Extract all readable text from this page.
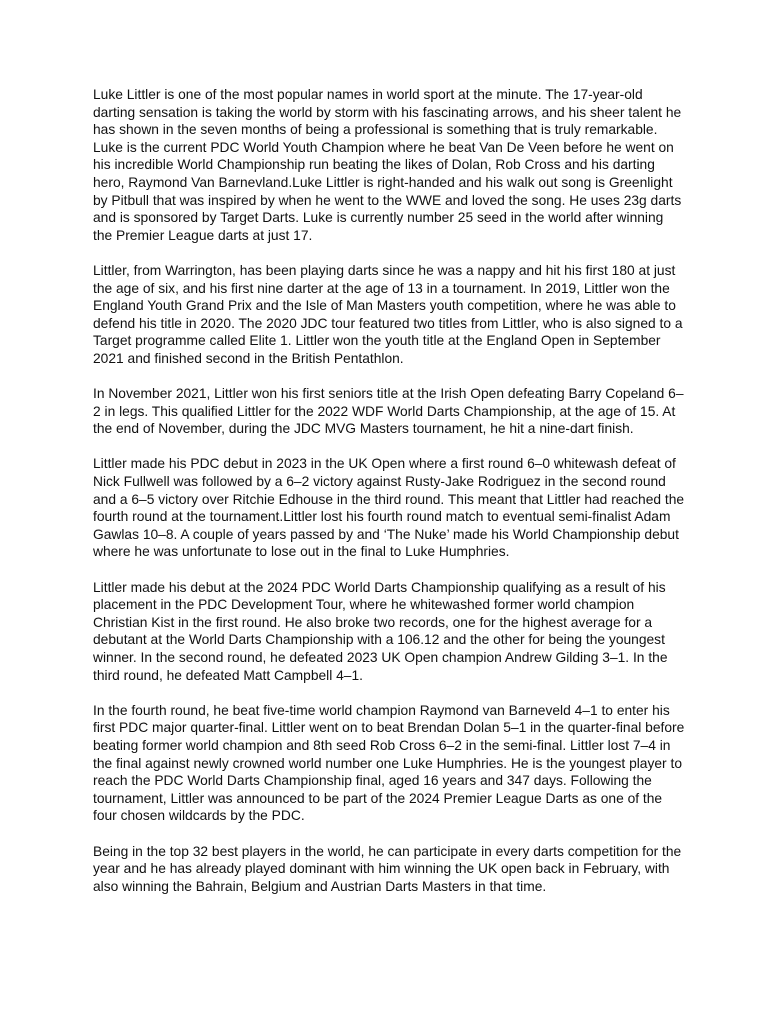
Luke Littler is one of the most popular names in world sport at the minute. The 17-year-old darting sensation is taking the world by storm with his fascinating arrows, and his sheer talent he has shown in the seven months of being a professional is something that is truly remarkable. Luke is the current PDC World Youth Champion where he beat Van De Veen before he went on his incredible World Championship run beating the likes of Dolan, Rob Cross and his darting hero, Raymond Van Barnevland.Luke Littler is right-handed and his walk out song is Greenlight by Pitbull that was inspired by when he went to the WWE and loved the song. He uses 23g darts and is sponsored by Target Darts. Luke is currently number 25 seed in the world after winning the Premier League darts at just 17.

Littler, from Warrington, has been playing darts since he was a nappy and hit his first 180 at just the age of six, and his first nine darter at the age of 13 in a tournament. In 2019, Littler won the England Youth Grand Prix and the Isle of Man Masters youth competition, where he was able to defend his title in 2020. The 2020 JDC tour featured two titles from Littler, who is also signed to a Target programme called Elite 1. Littler won the youth title at the England Open in September 2021 and finished second in the British Pentathlon.

In November 2021, Littler won his first seniors title at the Irish Open defeating Barry Copeland 6–2 in legs. This qualified Littler for the 2022 WDF World Darts Championship, at the age of 15. At the end of November, during the JDC MVG Masters tournament, he hit a nine-dart finish.

Littler made his PDC debut in 2023 in the UK Open where a first round 6–0 whitewash defeat of Nick Fullwell was followed by a 6–2 victory against Rusty-Jake Rodriguez in the second round and a 6–5 victory over Ritchie Edhouse in the third round. This meant that Littler had reached the fourth round at the tournament.Littler lost his fourth round match to eventual semi-finalist Adam Gawlas 10–8. A couple of years passed by and ‘The Nuke’ made his World Championship debut where he was unfortunate to lose out in the final to Luke Humphries.

Littler made his debut at the 2024 PDC World Darts Championship qualifying as a result of his placement in the PDC Development Tour, where he whitewashed former world champion Christian Kist in the first round. He also broke two records, one for the highest average for a debutant at the World Darts Championship with a 106.12 and the other for being the youngest winner. In the second round, he defeated 2023 UK Open champion Andrew Gilding 3–1. In the third round, he defeated Matt Campbell 4–1.

In the fourth round, he beat five-time world champion Raymond van Barneveld 4–1 to enter his first PDC major quarter-final. Littler went on to beat Brendan Dolan 5–1 in the quarter-final before beating former world champion and 8th seed Rob Cross 6–2 in the semi-final. Littler lost 7–4 in the final against newly crowned world number one Luke Humphries. He is the youngest player to reach the PDC World Darts Championship final, aged 16 years and 347 days. Following the tournament, Littler was announced to be part of the 2024 Premier League Darts as one of the four chosen wildcards by the PDC.

Being in the top 32 best players in the world, he can participate in every darts competition for the year and he has already played dominant with him winning the UK open back in February, with also winning the Bahrain, Belgium and Austrian Darts Masters in that time.
